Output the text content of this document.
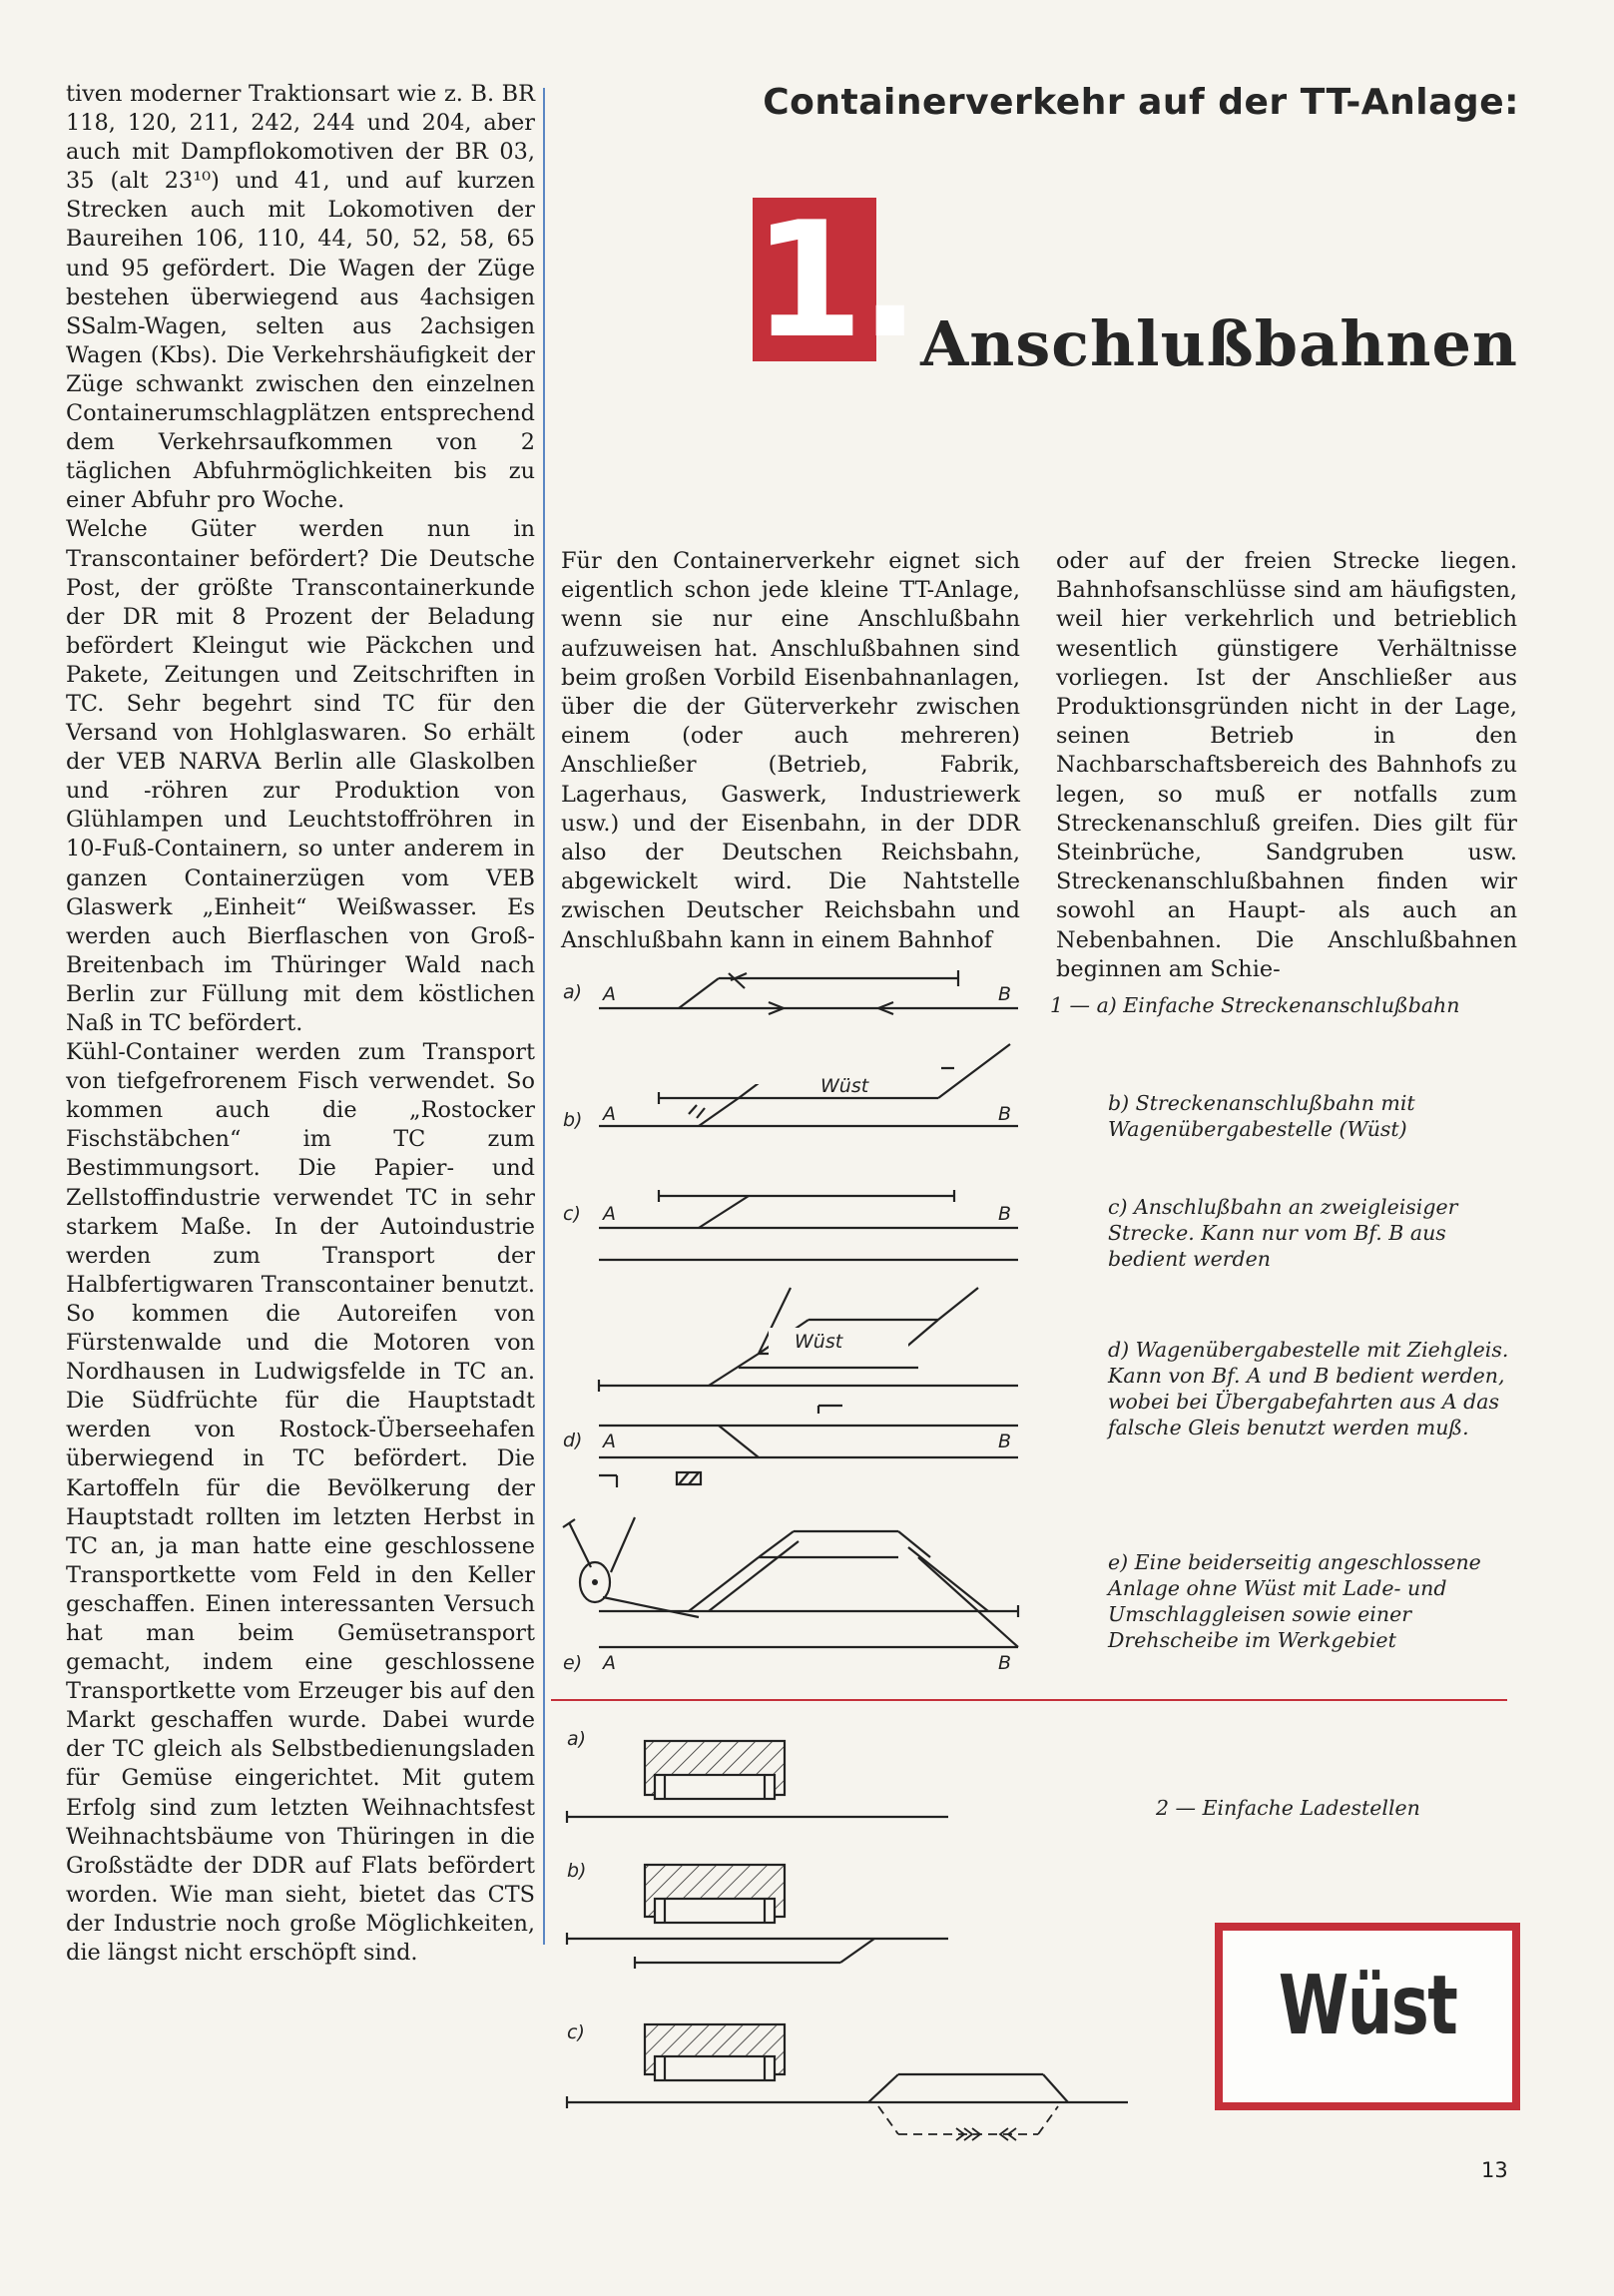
Containerverkehr auf der TT-Anlage:
1. Anschlußbahnen

tiven moderner Traktionsart wie z. B. BR 118, 120, 211, 242, 244 und 204, aber auch mit Dampflokomotiven der BR 03, 35 (alt 23¹⁰) und 41, und auf kurzen Strecken auch mit Lokomotiven der Baureihen 106, 110, 44, 50, 52, 58, 65 und 95 gefördert. Die Wagen der Züge bestehen überwiegend aus 4achsigen SSalm-Wagen, selten aus 2achsigen Wagen (Kbs). Die Verkehrshäufigkeit der Züge schwankt zwischen den einzelnen Containerumschlagplätzen entsprechend dem Verkehrsaufkommen von 2 täglichen Abfuhrmöglichkeiten bis zu einer Abfuhr pro Woche.

Welche Güter werden nun in Transcontainer befördert? Die Deutsche Post, der größte Transcontainerkunde der DR mit 8 Prozent der Beladung befördert Kleingut wie Päckchen und Pakete, Zeitungen und Zeitschriften in TC. Sehr begehrt sind TC für den Versand von Hohlglaswaren. So erhält der VEB NARVA Berlin alle Glaskolben und -röhren zur Produktion von Glühlampen und Leuchtstoffröhren in 10-Fuß-Containern, so unter anderem in ganzen Containerzügen vom VEB Glaswerk „Einheit“ Weißwasser. Es werden auch Bierflaschen von Groß-Breitenbach im Thüringer Wald nach Berlin zur Füllung mit dem köstlichen Naß in TC befördert.

Kühl-Container werden zum Transport von tiefgefrorenem Fisch verwendet. So kommen auch die „Rostocker Fischstäbchen“ im TC zum Bestimmungsort. Die Papier- und Zellstoffindustrie verwendet TC in sehr starkem Maße. In der Autoindustrie werden zum Transport der Halbfertigwaren Transcontainer benutzt. So kommen die Autoreifen von Fürstenwalde und die Motoren von Nordhausen in Ludwigsfelde in TC an. Die Südfrüchte für die Hauptstadt werden von Rostock-Überseehafen überwiegend in TC befördert. Die Kartoffeln für die Bevölkerung der Hauptstadt rollten im letzten Herbst in TC an, ja man hatte eine geschlossene Transportkette vom Feld in den Keller geschaffen. Einen interessanten Versuch hat man beim Gemüsetransport gemacht, indem eine geschlossene Transportkette vom Erzeuger bis auf den Markt geschaffen wurde. Dabei wurde der TC gleich als Selbstbedienungsladen für Gemüse eingerichtet. Mit gutem Erfolg sind zum letzten Weihnachtsfest Weihnachtsbäume von Thüringen in die Großstädte der DDR auf Flats befördert worden. Wie man sieht, bietet das CTS der Industrie noch große Möglichkeiten, die längst nicht erschöpft sind.

Für den Containerverkehr eignet sich eigentlich schon jede kleine TT-Anlage, wenn sie nur eine Anschlußbahn aufzuweisen hat. Anschlußbahnen sind beim großen Vorbild Eisenbahnanlagen, über die der Güterverkehr zwischen einem (oder auch mehreren) Anschließer (Betrieb, Fabrik, Lagerhaus, Gaswerk, Industriewerk usw.) und der Eisenbahn, in der DDR also der Deutschen Reichsbahn, abgewickelt wird. Die Nahtstelle zwischen Deutscher Reichsbahn und Anschlußbahn kann in einem Bahnhof

oder auf der freien Strecke liegen. Bahnhofsanschlüsse sind am häufigsten, weil hier verkehrlich und betrieblich wesentlich günstigere Verhältnisse vorliegen. Ist der Anschließer aus Produktionsgründen nicht in der Lage, seinen Betrieb in den Nachbarschaftsbereich des Bahnhofs zu legen, so muß er notfalls zum Streckenanschluß greifen. Dies gilt für Steinbrüche, Sandgruben usw. Streckenanschlußbahnen finden wir sowohl an Haupt- als auch an Nebenbahnen. Die Anschlußbahnen beginnen am Schie-

a) A	B
b) A	B
Wüst
c) A	B
Wüst
d) A	B
e) A	B
1 — a) Einfache Streckenanschlußbahn
b) Streckenanschlußbahn mit Wagenübergabestelle (Wüst)
c) Anschlußbahn an zweigleisiger Strecke. Kann nur vom Bf. B aus bedient werden
d) Wagenübergabestelle mit Ziehgleis. Kann von Bf. A und B bedient werden, wobei bei Übergabefahrten aus A das falsche Gleis benutzt werden muß.
e) Eine beiderseitig angeschlossene Anlage ohne Wüst mit Lade- und Umschlaggleisen sowie einer Drehscheibe im Werkgebiet
a)
b)
c)
2 — Einfache Ladestellen
Wüst
13
